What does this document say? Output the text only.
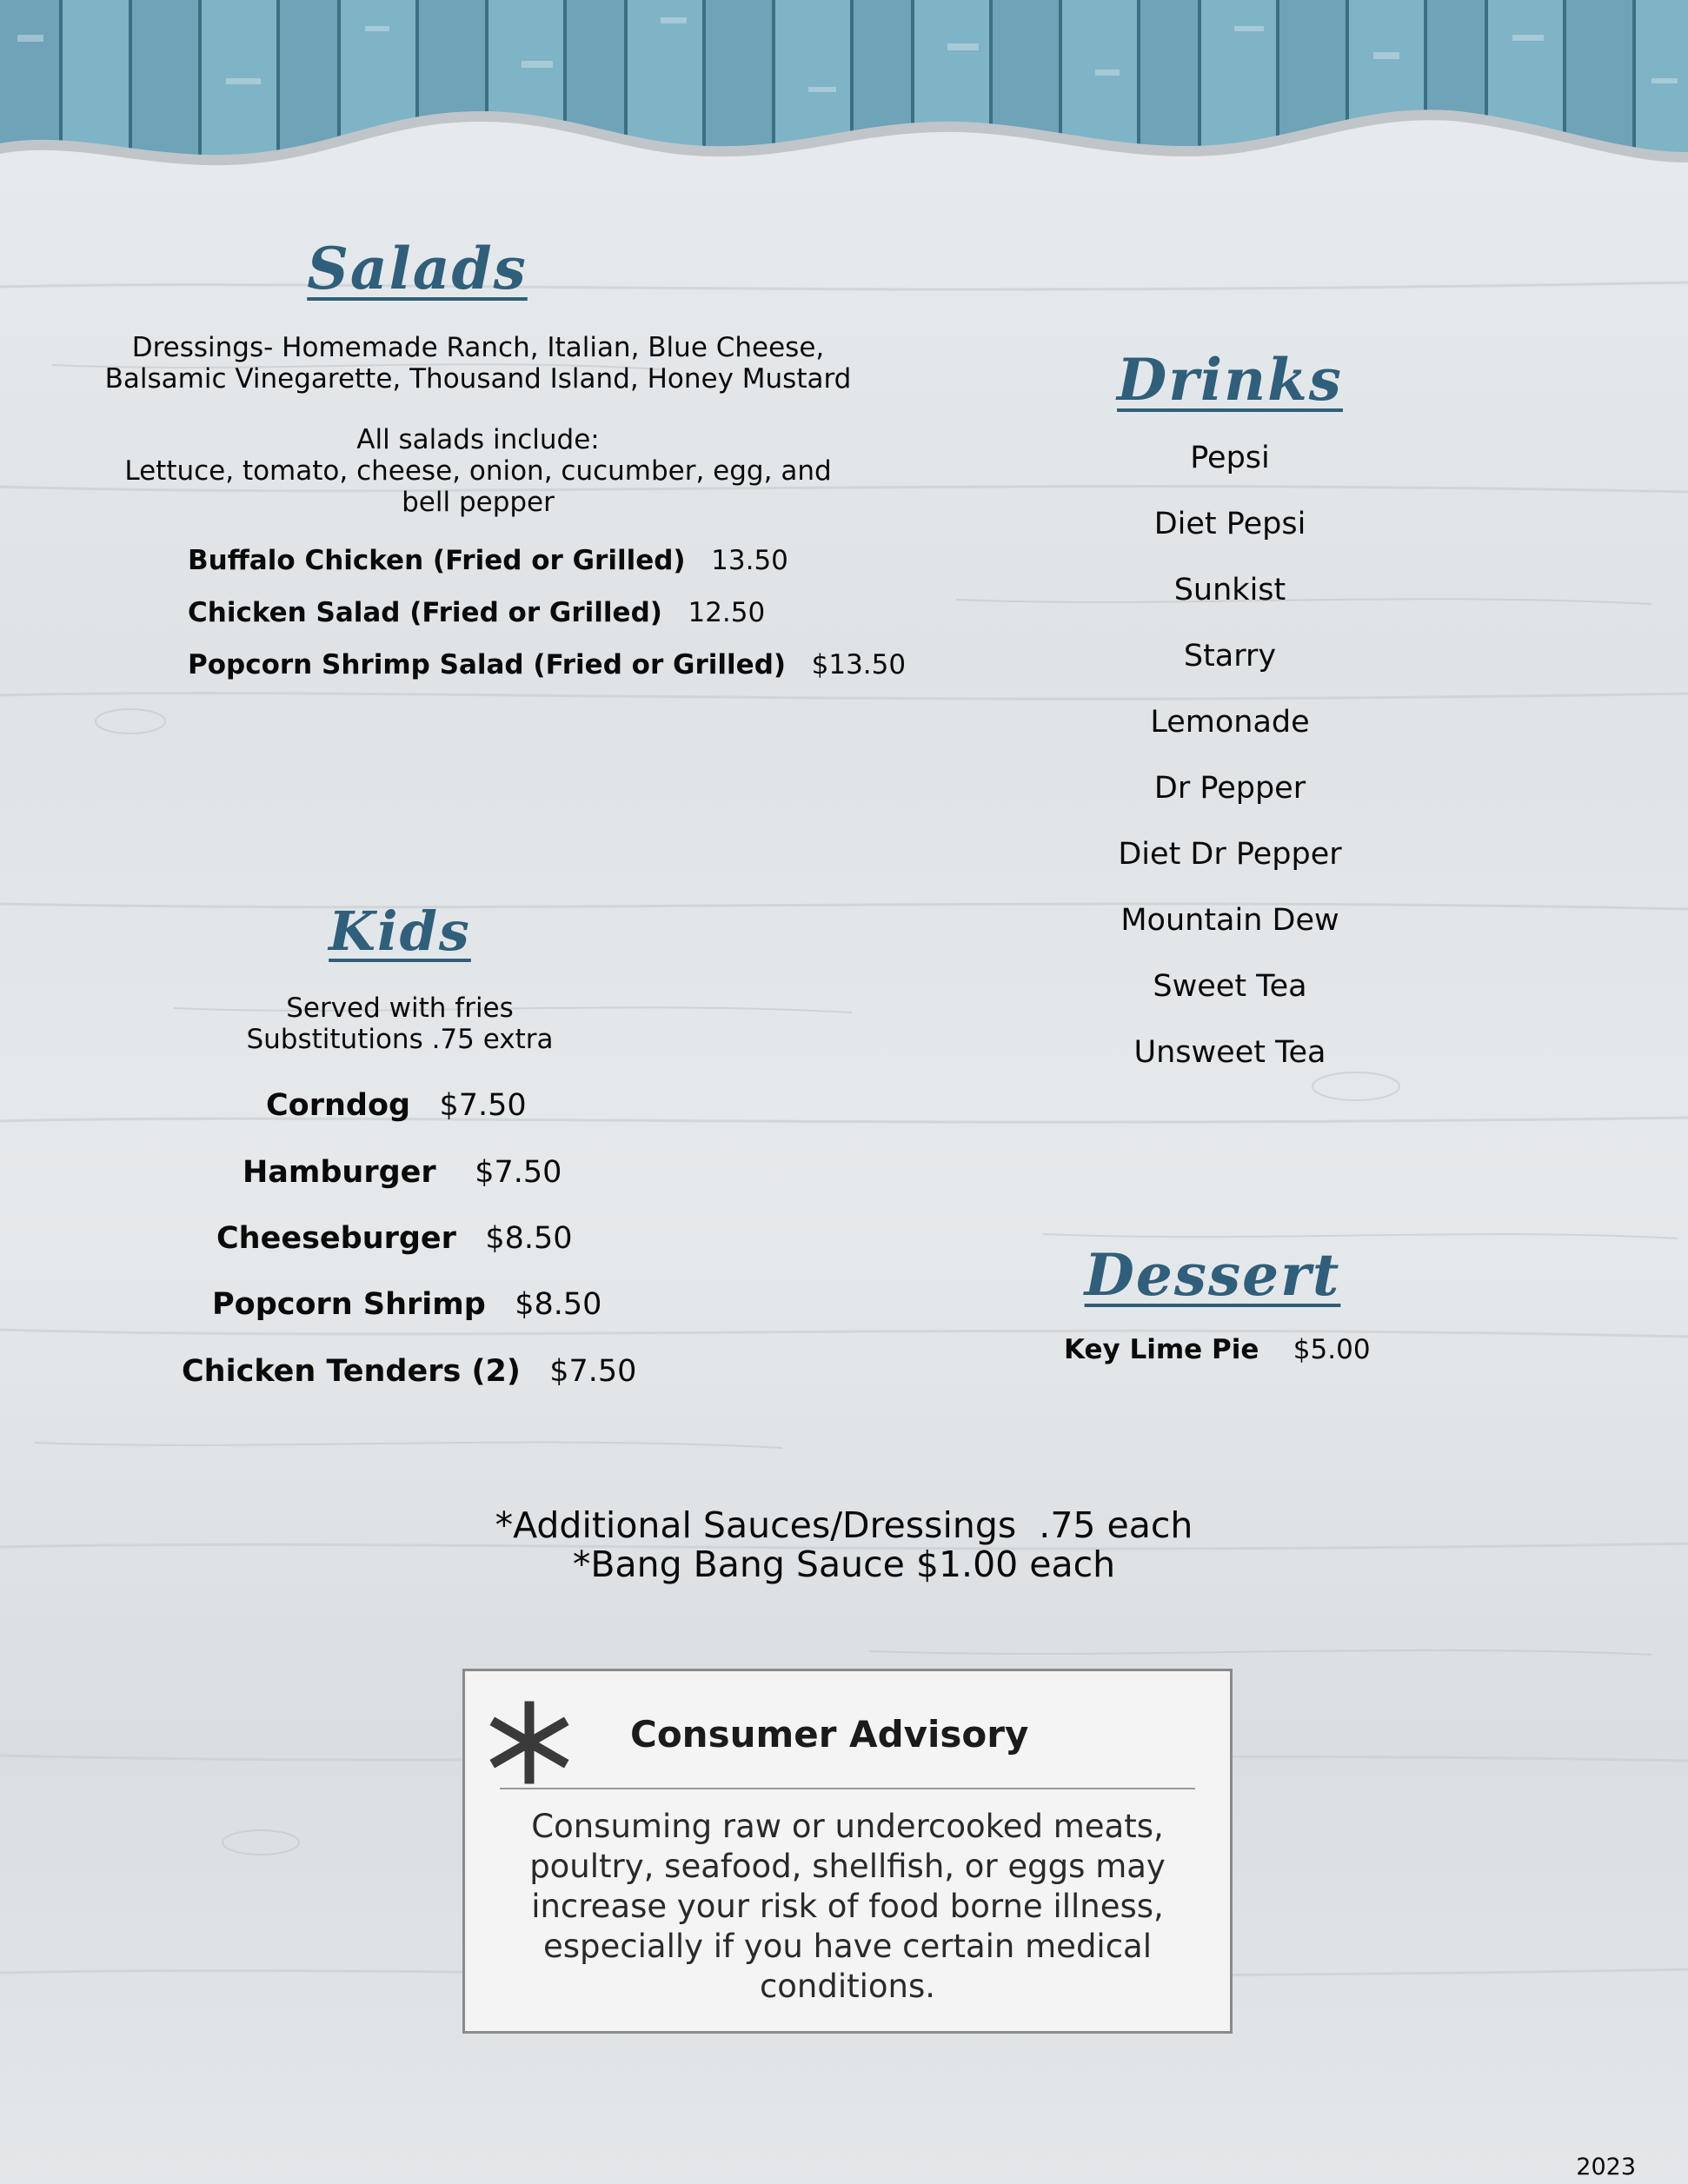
Salads
Dressings- Homemade Ranch, Italian, Blue Cheese,
Balsamic Vinegarette, Thousand Island, Honey Mustard
All salads include:
Lettuce, tomato, cheese, onion, cucumber, egg, and
bell pepper
Buffalo Chicken (Fried or Grilled) 13.50
Chicken Salad (Fried or Grilled) 12.50
Popcorn Shrimp Salad (Fried or Grilled) $13.50
Kids
Served with fries
Substitutions .75 extra
Corndog $7.50
Hamburger $7.50
Cheeseburger $8.50
Popcorn Shrimp $8.50
Chicken Tenders (2) $7.50
Drinks
Pepsi
Diet Pepsi
Sunkist
Starry
Lemonade
Dr Pepper
Diet Dr Pepper
Mountain Dew
Sweet Tea
Unsweet Tea
Dessert
Key Lime Pie $5.00
*Additional Sauces/Dressings  .75 each
*Bang Bang Sauce $1.00 each
Consumer Advisory
Consuming raw or undercooked meats,
poultry, seafood, shellfish, or eggs may
increase your risk of food borne illness,
especially if you have certain medical
conditions.
2023
